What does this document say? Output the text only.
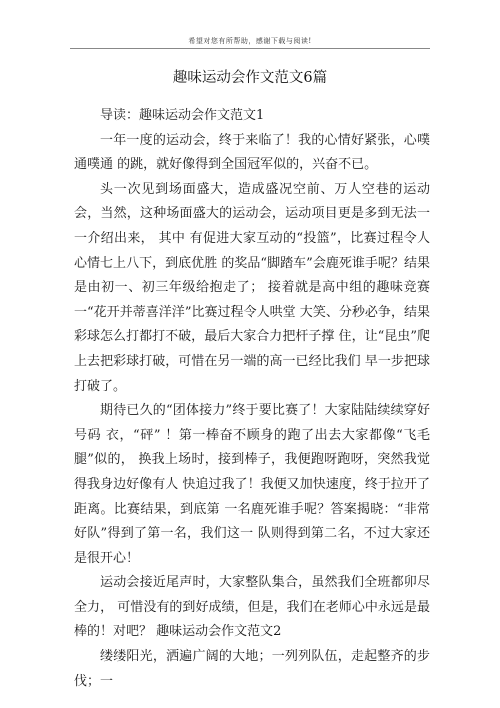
希望对您有所帮助，感谢下载与阅读!
趣味运动会作文范文6篇

导读：趣味运动会作文范文1

一年一度的运动会，终于来临了！我的心情好紧张，心噗通噗通 的跳，就好像得到全国冠军似的，兴奋不已。

头一次见到场面盛大，造成盛况空前、万人空巷的运动会，当然，这种场面盛大的运动会，运动项目更是多到无法一一介绍出来， 其中 有促进大家互动的“投篮”，比赛过程令人心情七上八下，到底优胜 的奖品“脚踏车”会鹿死谁手呢？结果是由初一、初三年级给抱走了； 接着就是高中组的趣味竞赛一“花开并蒂喜洋洋”比赛过程令人哄堂 大笑、分秒必争，结果彩球怎么打都打不破，最后大家合力把杆子撑 住，让“昆虫”爬上去把彩球打破，可惜在另一端的高一已经比我们 早一步把球打破了。

期待已久的“团体接力”终于要比赛了！大家陆陆续续穿好号码 衣，“砰” ！第一棒奋不顾身的跑了出去大家都像“飞毛腿”似的， 换我上场时，接到棒子，我便跑呀跑呀，突然我觉得我身边好像有人 快追过我了！我便又加快速度，终于拉开了距离。比赛结果，到底第 一名鹿死谁手呢？答案揭晓：“非常好队”得到了第一名，我们这一 队则得到第二名，不过大家还是很开心！

运动会接近尾声时，大家整队集合，虽然我们全班都卯尽全力， 可惜没有的到好成绩，但是，我们在老师心中永远是最棒的！对吧？ 趣味运动会作文范文2

缕缕阳光，洒遍广阔的大地；一列列队伍，走起整齐的步伐；一
